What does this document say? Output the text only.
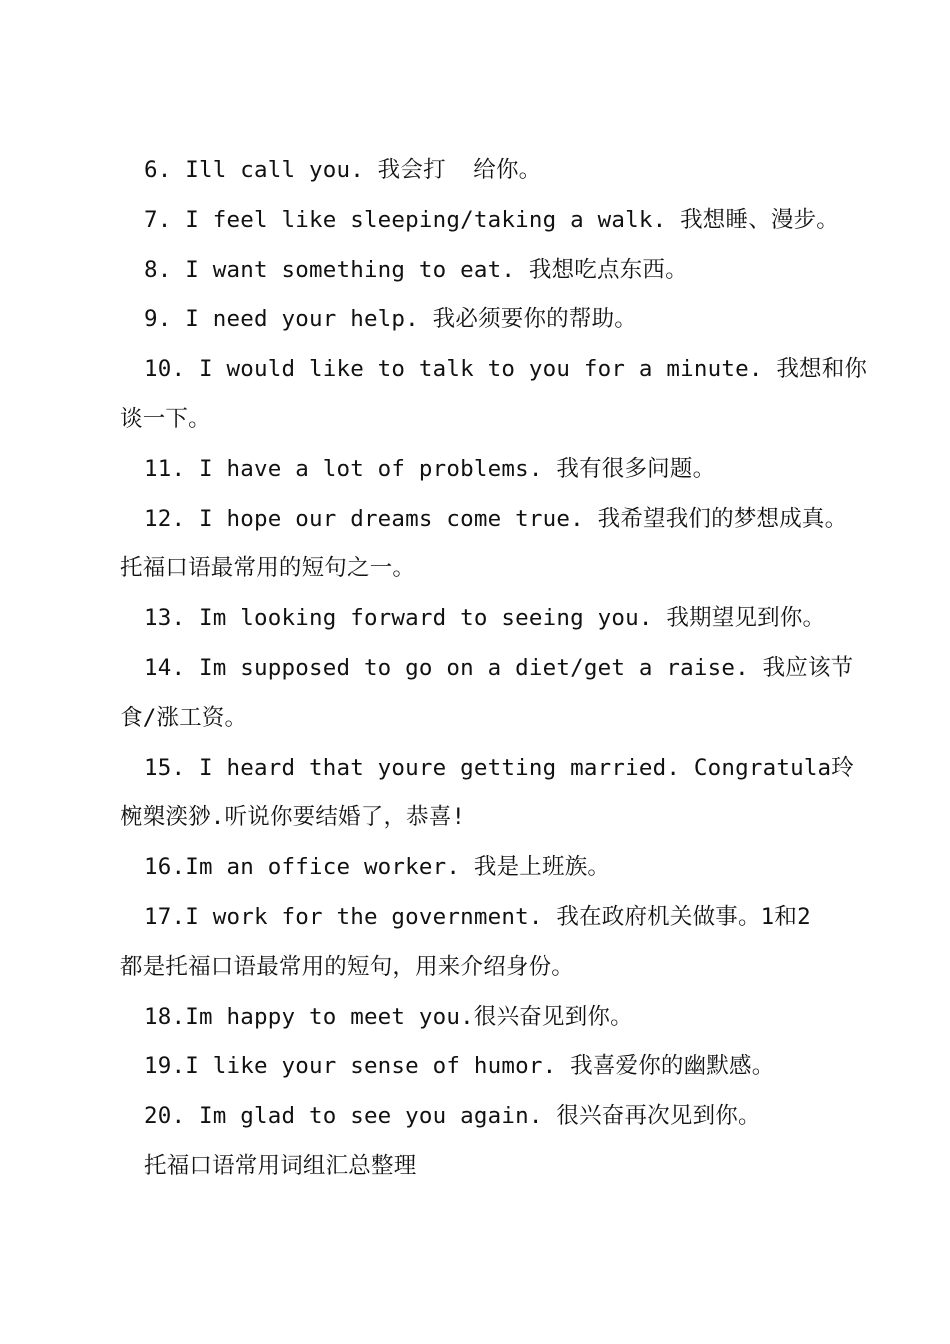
6. Ill call you. 我会打  给你。
7. I feel like sleeping/taking a walk. 我想睡、漫步。
8. I want something to eat. 我想吃点东西。
9. I need your help. 我必须要你的帮助。
10. I would like to talk to you for a minute. 我想和你
谈一下。
11. I have a lot of problems. 我有很多问题。
12. I hope our dreams come true. 我希望我们的梦想成真。
托福口语最常用的短句之一。
13. Im looking forward to seeing you. 我期望见到你。
14. Im supposed to go on a diet/get a raise. 我应该节
食/涨工资。
15. I heard that youre getting married. Congratula玲
椀槊湙猀.听说你要结婚了，恭喜!
16.Im an office worker. 我是上班族。
17.I work for the government. 我在政府机关做事。1和2
都是托福口语最常用的短句，用来介绍身份。
18.Im happy to meet you.很兴奋见到你。
19.I like your sense of humor. 我喜爱你的幽默感。
20. Im glad to see you again. 很兴奋再次见到你。
托福口语常用词组汇总整理
